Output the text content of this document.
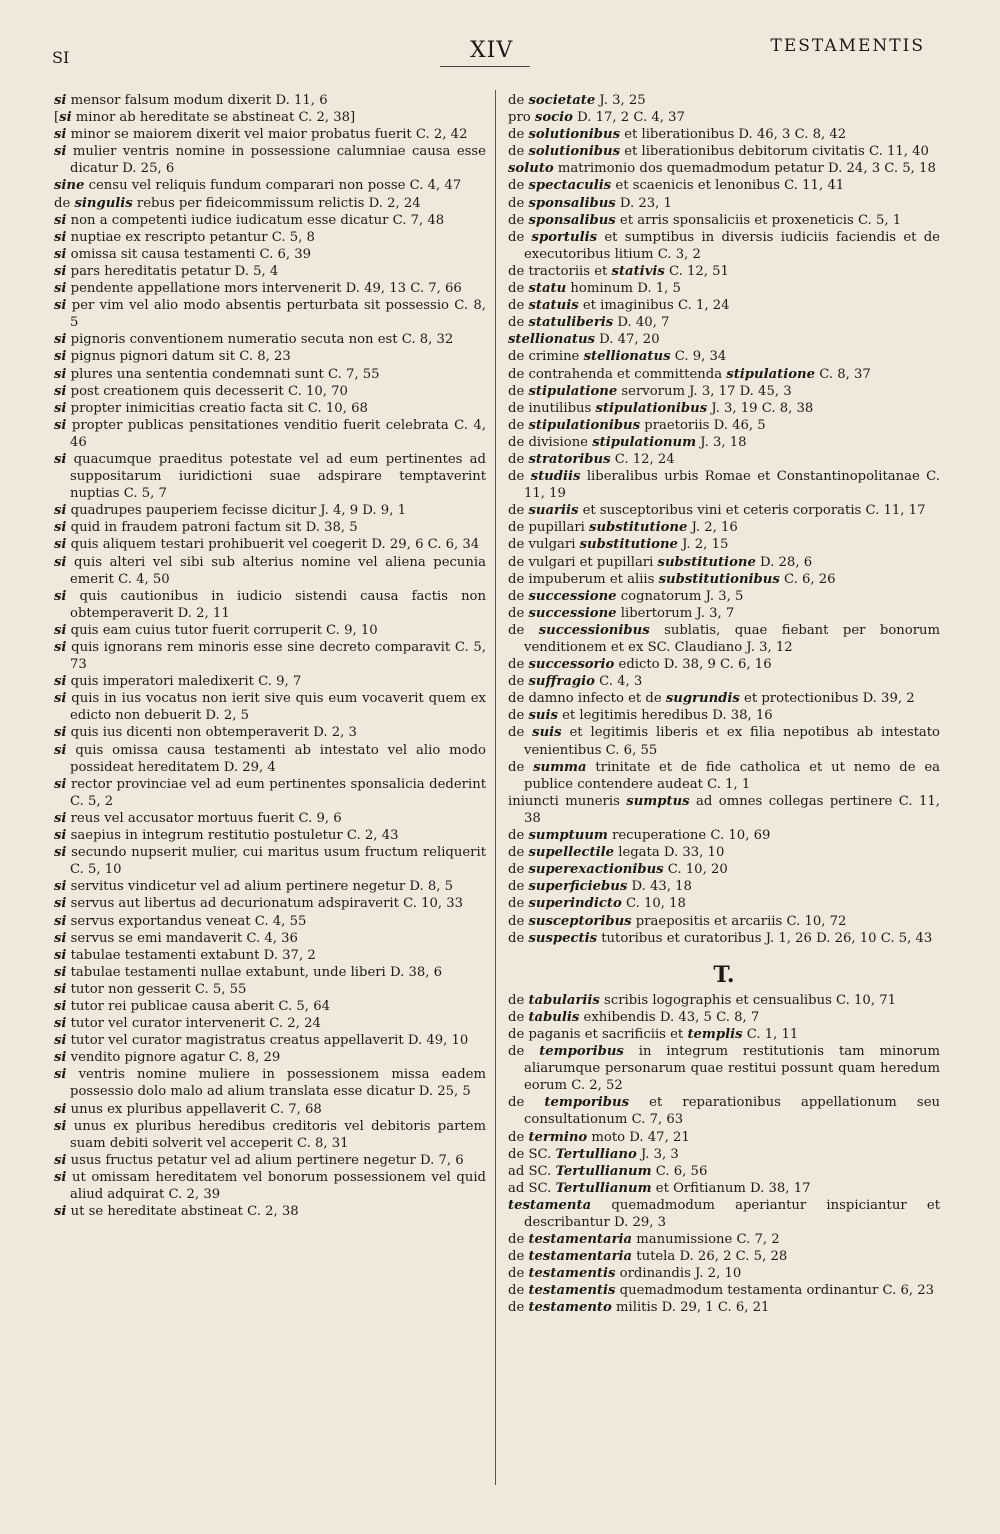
SI	XIV	TESTAMENTIS

si mensor falsum modum dixerit D. 11, 6

[si minor ab hereditate se abstineat C. 2, 38]

si minor se maiorem dixerit vel maior probatus fuerit C. 2, 42

si mulier ventris nomine in possessione calumniae causa esse dicatur D. 25, 6

sine censu vel reliquis fundum comparari non posse C. 4, 47

de singulis rebus per fideicommissum relictis D. 2, 24

si non a competenti iudice iudicatum esse dicatur C. 7, 48

si nuptiae ex rescripto petantur C. 5, 8

si omissa sit causa testamenti C. 6, 39

si pars hereditatis petatur D. 5, 4

si pendente appellatione mors intervenerit D. 49, 13 C. 7, 66

si per vim vel alio modo absentis perturbata sit possessio C. 8, 5

si pignoris conventionem numeratio secuta non est C. 8, 32

si pignus pignori datum sit C. 8, 23

si plures una sententia condemnati sunt C. 7, 55

si post creationem quis decesserit C. 10, 70

si propter inimicitias creatio facta sit C. 10, 68

si propter publicas pensitationes venditio fuerit celebrata C. 4, 46

si quacumque praeditus potestate vel ad eum pertinentes ad suppositarum iuridictioni suae adspirare temptaverint nuptias C. 5, 7

si quadrupes pauperiem fecisse dicitur J. 4, 9 D. 9, 1

si quid in fraudem patroni factum sit D. 38, 5

si quis aliquem testari prohibuerit vel coegerit D. 29, 6 C. 6, 34

si quis alteri vel sibi sub alterius nomine vel aliena pecunia emerit C. 4, 50

si quis cautionibus in iudicio sistendi causa factis non obtemperaverit D. 2, 11

si quis eam cuius tutor fuerit corruperit C. 9, 10

si quis ignorans rem minoris esse sine decreto comparavit C. 5, 73

si quis imperatori maledixerit C. 9, 7

si quis in ius vocatus non ierit sive quis eum vocaverit quem ex edicto non debuerit D. 2, 5

si quis ius dicenti non obtemperaverit D. 2, 3

si quis omissa causa testamenti ab intestato vel alio modo possideat hereditatem D. 29, 4

si rector provinciae vel ad eum pertinentes sponsalicia dederint C. 5, 2

si reus vel accusator mortuus fuerit C. 9, 6

si saepius in integrum restitutio postuletur C. 2, 43

si secundo nupserit mulier, cui maritus usum fructum reliquerit C. 5, 10

si servitus vindicetur vel ad alium pertinere negetur D. 8, 5

si servus aut libertus ad decurionatum adspiraverit C. 10, 33

si servus exportandus veneat C. 4, 55

si servus se emi mandaverit C. 4, 36

si tabulae testamenti extabunt D. 37, 2

si tabulae testamenti nullae extabunt, unde liberi D. 38, 6

si tutor non gesserit C. 5, 55

si tutor rei publicae causa aberit C. 5, 64

si tutor vel curator intervenerit C. 2, 24

si tutor vel curator magistratus creatus appellaverit D. 49, 10

si vendito pignore agatur C. 8, 29

si ventris nomine muliere in possessionem missa eadem possessio dolo malo ad alium translata esse dicatur D. 25, 5

si unus ex pluribus appellaverit C. 7, 68

si unus ex pluribus heredibus creditoris vel debitoris partem suam debiti solverit vel acceperit C. 8, 31

si usus fructus petatur vel ad alium pertinere negetur D. 7, 6

si ut omissam hereditatem vel bonorum possessionem vel quid aliud adquirat C. 2, 39

si ut se hereditate abstineat C. 2, 38

de societate J. 3, 25

pro socio D. 17, 2 C. 4, 37

de solutionibus et liberationibus D. 46, 3 C. 8, 42

de solutionibus et liberationibus debitorum civitatis C. 11, 40

soluto matrimonio dos quemadmodum petatur D. 24, 3 C. 5, 18

de spectaculis et scaenicis et lenonibus C. 11, 41

de sponsalibus D. 23, 1

de sponsalibus et arris sponsaliciis et proxeneticis C. 5, 1

de sportulis et sumptibus in diversis iudiciis faciendis et de executoribus litium C. 3, 2

de tractoriis et stativis C. 12, 51

de statu hominum D. 1, 5

de statuis et imaginibus C. 1, 24

de statuliberis D. 40, 7

stellionatus D. 47, 20

de crimine stellionatus C. 9, 34

de contrahenda et committenda stipulatione C. 8, 37

de stipulatione servorum J. 3, 17 D. 45, 3

de inutilibus stipulationibus J. 3, 19 C. 8, 38

de stipulationibus praetoriis D. 46, 5

de divisione stipulationum J. 3, 18

de stratoribus C. 12, 24

de studiis liberalibus urbis Romae et Constantinopolitanae C. 11, 19

de suariis et susceptoribus vini et ceteris corporatis C. 11, 17

de pupillari substitutione J. 2, 16

de vulgari substitutione J. 2, 15

de vulgari et pupillari substitutione D. 28, 6

de impuberum et aliis substitutionibus C. 6, 26

de successione cognatorum J. 3, 5

de successione libertorum J. 3, 7

de successionibus sublatis, quae fiebant per bonorum venditionem et ex SC. Claudiano J. 3, 12

de successorio edicto D. 38, 9 C. 6, 16

de suffragio C. 4, 3

de damno infecto et de sugrundis et protectionibus D. 39, 2

de suis et legitimis heredibus D. 38, 16

de suis et legitimis liberis et ex filia nepotibus ab intestato venientibus C. 6, 55

de summa trinitate et de fide catholica et ut nemo de ea publice contendere audeat C. 1, 1

iniuncti muneris sumptus ad omnes collegas pertinere C. 11, 38

de sumptuum recuperatione C. 10, 69

de supellectile legata D. 33, 10

de superexactionibus C. 10, 20

de superficiebus D. 43, 18

de superindicto C. 10, 18

de susceptoribus praepositis et arcariis C. 10, 72

de suspectis tutoribus et curatoribus J. 1, 26 D. 26, 10 C. 5, 43

T.

de tabulariis scribis logographis et censualibus C. 10, 71

de tabulis exhibendis D. 43, 5 C. 8, 7

de paganis et sacrificiis et templis C. 1, 11

de temporibus in integrum restitutionis tam minorum aliarumque personarum quae restitui possunt quam heredum eorum C. 2, 52

de temporibus et reparationibus appellationum seu consultationum C. 7, 63

de termino moto D. 47, 21

de SC. Tertulliano J. 3, 3

ad SC. Tertullianum C. 6, 56

ad SC. Tertullianum et Orfitianum D. 38, 17

testamenta quemadmodum aperiantur inspiciantur et describantur D. 29, 3

de testamentaria manumissione C. 7, 2

de testamentaria tutela D. 26, 2 C. 5, 28

de testamentis ordinandis J. 2, 10

de testamentis quemadmodum testamenta ordinantur C. 6, 23

de testamento militis D. 29, 1 C. 6, 21
